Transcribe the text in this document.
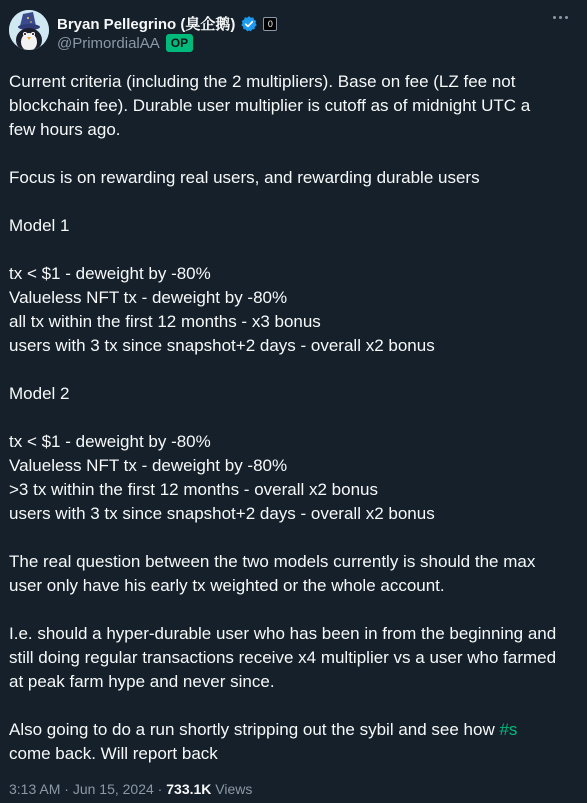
Bryan Pellegrino (臭企鹅)	0
@PrimordialAA OP

Current criteria (including the 2 multipliers). Base on fee (LZ fee not

blockchain fee). Durable user multiplier is cutoff as of midnight UTC a

few hours ago.

Focus is on rewarding real users, and rewarding durable users

Model 1

tx < $1 - deweight by -80%

Valueless NFT tx - deweight by -80%

all tx within the first 12 months - x3 bonus

users with 3 tx since snapshot+2 days - overall x2 bonus

Model 2

tx < $1 - deweight by -80%

Valueless NFT tx - deweight by -80%

>3 tx within the first 12 months - overall x2 bonus

users with 3 tx since snapshot+2 days - overall x2 bonus

The real question between the two models currently is should the max

user only have his early tx weighted or the whole account.

I.e. should a hyper-durable user who has been in from the beginning and

still doing regular transactions receive x4 multiplier vs a user who farmed

at peak farm hype and never since.

Also going to do a run shortly stripping out the sybil and see how #s

come back. Will report back

3:13 AM · Jun 15, 2024 · 733.1K Views
